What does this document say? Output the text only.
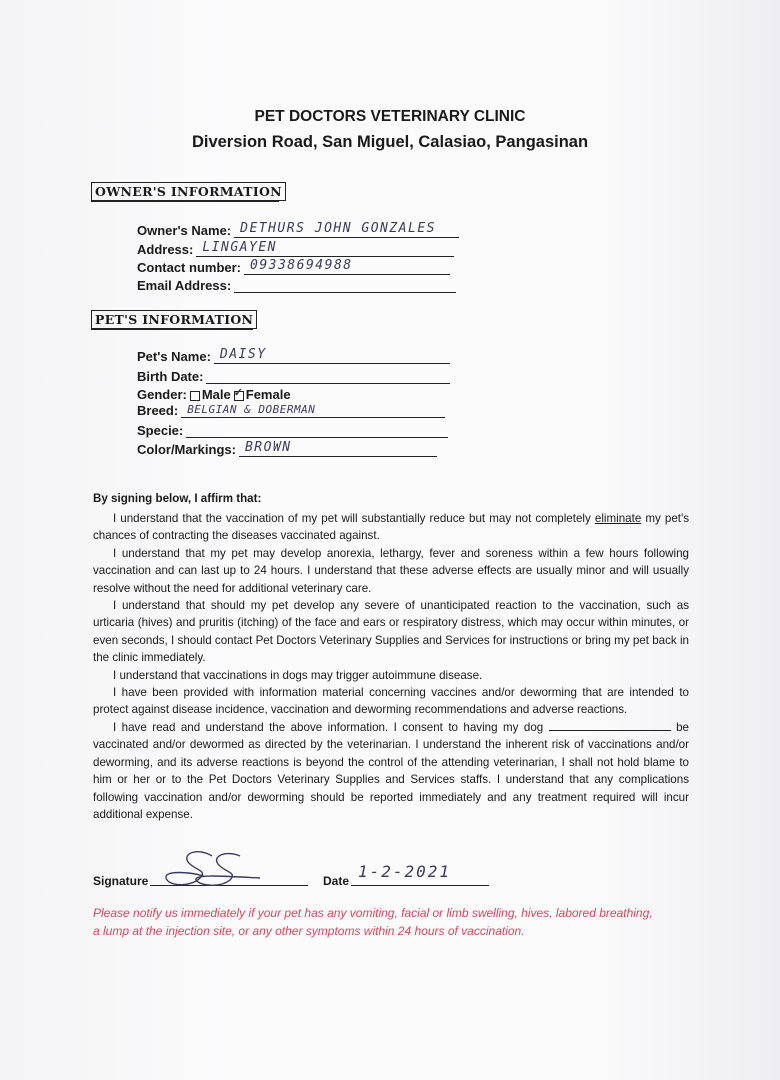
PET DOCTORS VETERINARY CLINIC
Diversion Road, San Miguel, Calasiao, Pangasinan
OWNER'S INFORMATION
Owner's Name: DETHURS JOHN GONZALES
Address: LINGAYEN
Contact number: 09338694988
Email Address:
PET'S INFORMATION
Pet's Name: DAISY
Birth Date:
Gender: Male
✓ Female
Breed: BELGIAN & DOBERMAN
Specie:
Color/Markings: BROWN
By signing below, I affirm that:

I understand that the vaccination of my pet will substantially reduce but may not completely eliminate my pet's chances of contracting the diseases vaccinated against.

I understand that my pet may develop anorexia, lethargy, fever and soreness within a few hours following vaccination and can last up to 24 hours. I understand that these adverse effects are usually minor and will usually resolve without the need for additional veterinary care.

I understand that should my pet develop any severe of unanticipated reaction to the vaccination, such as urticaria (hives) and pruritis (itching) of the face and ears or respiratory distress, which may occur within minutes, or even seconds, I should contact Pet Doctors Veterinary Supplies and Services for instructions or bring my pet back in the clinic immediately.

I understand that vaccinations in dogs may trigger autoimmune disease.

I have been provided with information material concerning vaccines and/or deworming that are intended to protect against disease incidence, vaccination and deworming recommendations and adverse reactions.

I have read and understand the above information. I consent to having my dog	be vaccinated and/or dewormed as directed by the veterinarian. I understand the inherent risk of vaccinations and/or deworming, and its adverse reactions is beyond the control of the attending veterinarian, I shall not hold blame to him or her or to the Pet Doctors Veterinary Supplies and Services staffs. I understand that any complications following vaccination and/or deworming should be reported immediately and any treatment required will incur additional expense.

Signature	Date 1-2-2021
Please notify us immediately if your pet has any vomiting, facial or limb swelling, hives, labored breathing, a lump at the injection site, or any other symptoms within 24 hours of vaccination.
